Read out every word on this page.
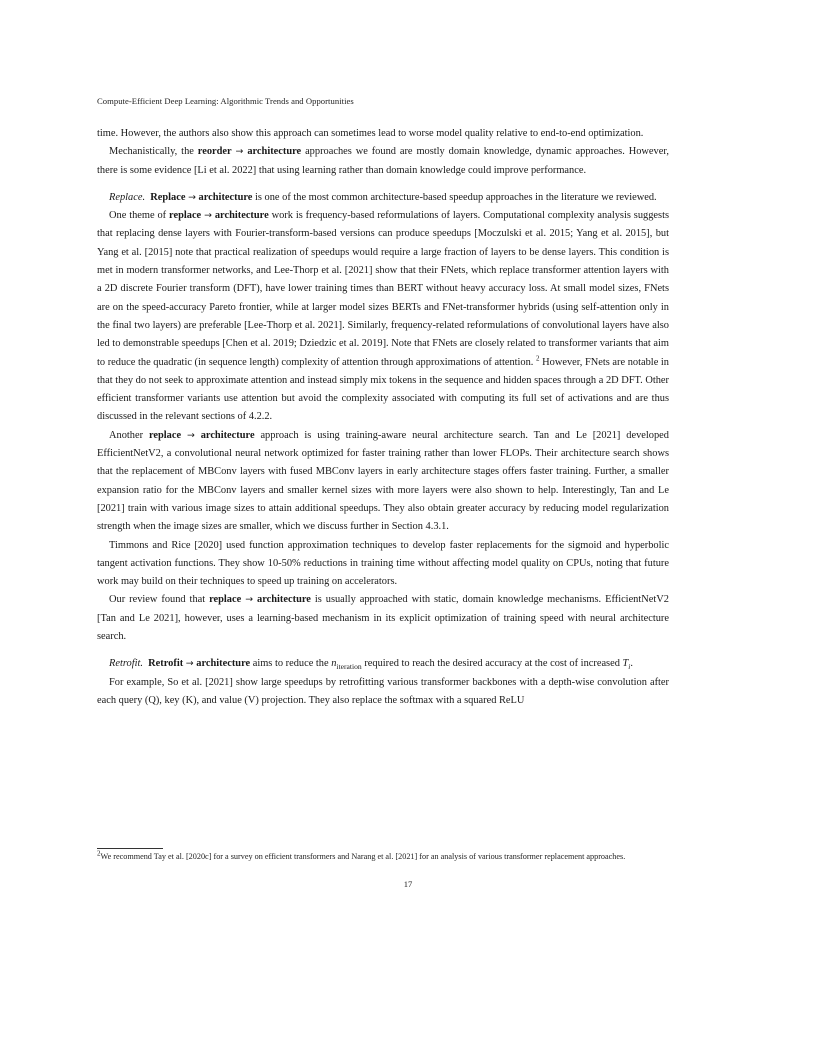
Compute-Efficient Deep Learning: Algorithmic Trends and Opportunities

time. However, the authors also show this approach can sometimes lead to worse model quality relative to end-to-end optimization.

Mechanistically, the reorder → architecture approaches we found are mostly domain knowledge, dynamic approaches. However, there is some evidence [Li et al. 2022] that using learning rather than domain knowledge could improve performance.

Replace. Replace → architecture is one of the most common architecture-based speedup approaches in the literature we reviewed.

One theme of replace → architecture work is frequency-based reformulations of layers. Computational complexity analysis suggests that replacing dense layers with Fourier-transform-based versions can produce speedups [Moczulski et al. 2015; Yang et al. 2015], but Yang et al. [2015] note that practical realization of speedups would require a large fraction of layers to be dense layers. This condition is met in modern transformer networks, and Lee-Thorp et al. [2021] show that their FNets, which replace transformer attention layers with a 2D discrete Fourier transform (DFT), have lower training times than BERT without heavy accuracy loss. At small model sizes, FNets are on the speed-accuracy Pareto frontier, while at larger model sizes BERTs and FNet-transformer hybrids (using self-attention only in the final two layers) are preferable [Lee-Thorp et al. 2021]. Similarly, frequency-related reformulations of convolutional layers have also led to demonstrable speedups [Chen et al. 2019; Dziedzic et al. 2019]. Note that FNets are closely related to transformer variants that aim to reduce the quadratic (in sequence length) complexity of attention through approximations of attention. $^2$ However, FNets are notable in that they do not seek to approximate attention and instead simply mix tokens in the sequence and hidden spaces through a 2D DFT. Other efficient transformer variants use attention but avoid the complexity associated with computing its full set of activations and are thus discussed in the relevant sections of 4.2.2.

Another replace → architecture approach is using training-aware neural architecture search. Tan and Le [2021] developed EfficientNetV2, a convolutional neural network optimized for faster training rather than lower FLOPs. Their architecture search shows that the replacement of MBConv layers with fused MBConv layers in early architecture stages offers faster training. Further, a smaller expansion ratio for the MBConv layers and smaller kernel sizes with more layers were also shown to help. Interestingly, Tan and Le [2021] train with various image sizes to attain additional speedups. They also obtain greater accuracy by reducing model regularization strength when the image sizes are smaller, which we discuss further in Section 4.3.1.

Timmons and Rice [2020] used function approximation techniques to develop faster replacements for the sigmoid and hyperbolic tangent activation functions. They show 10-50% reductions in training time without affecting model quality on CPUs, noting that future work may build on their techniques to speed up training on accelerators.

Our review found that replace → architecture is usually approached with static, domain knowledge mechanisms. EfficientNetV2 [Tan and Le 2021], however, uses a learning-based mechanism in its explicit optimization of training speed with neural architecture search.

Retrofit. Retrofit → architecture aims to reduce the $n_{iteration}$ required to reach the desired accuracy at the cost of increased $T_i$.

For example, So et al. [2021] show large speedups by retrofitting various transformer backbones with a depth-wise convolution after each query (Q), key (K), and value (V) projection. They also replace the softmax with a squared ReLU

$^2$We recommend Tay et al. [2020c] for a survey on efficient transformers and Narang et al. [2021] for an analysis of various transformer replacement approaches.
17
